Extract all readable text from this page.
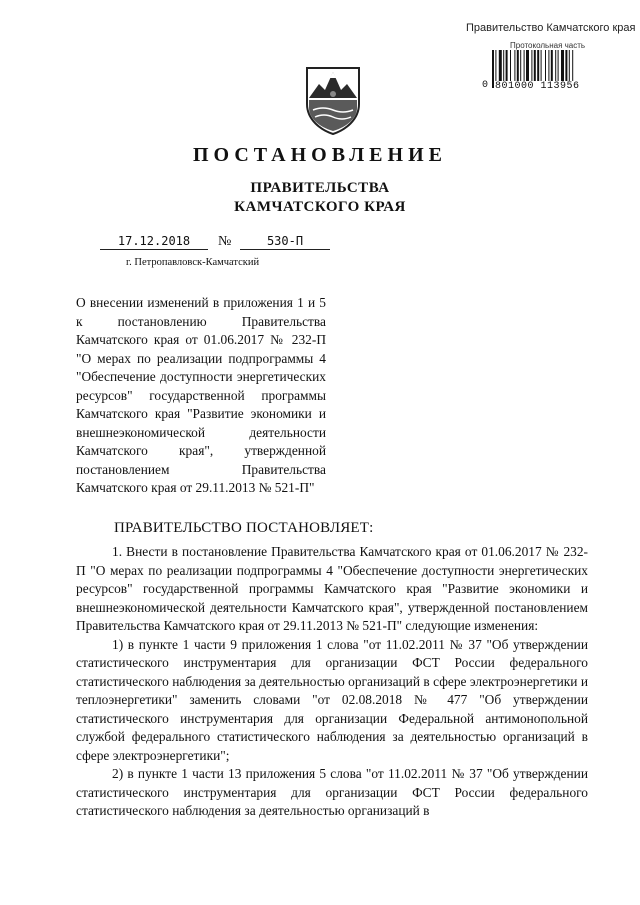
Правительство Камчатского края
Протокольная часть
0 801000 113956
ПОСТАНОВЛЕНИЕ
ПРАВИТЕЛЬСТВА
КАМЧАТСКОГО КРАЯ
17.12.2018	№	530-П
г. Петропавловск-Камчатский
О внесении изменений в приложения 1 и 5 к постановлению Правительства Камчатского края от 01.06.2017 № 232-П "О мерах по реализации подпрограммы 4 "Обеспечение доступности энергетических ресурсов" государственной программы Камчатского края "Развитие экономики и внешнеэкономической деятельности Камчатского края", утвержденной постановлением Правительства Камчатского края от 29.11.2013 № 521-П"
ПРАВИТЕЛЬСТВО ПОСТАНОВЛЯЕТ:

1. Внести в постановление Правительства Камчатского края от 01.06.2017 № 232-П "О мерах по реализации подпрограммы 4 "Обеспечение доступности энергетических ресурсов" государственной программы Камчатского края "Развитие экономики и внешнеэкономической деятельности Камчатского края", утвержденной постановлением Правительства Камчатского края от 29.11.2013 № 521-П" следующие изменения:

1) в пункте 1 части 9 приложения 1 слова "от 11.02.2011 № 37 "Об утверждении статистического инструментария для организации ФСТ России федерального статистического наблюдения за деятельностью организаций в сфере электроэнергетики и теплоэнергетики" заменить словами "от 02.08.2018 № 477 "Об утверждении статистического инструментария для организации Федеральной антимонопольной службой федерального статистического наблюдения за деятельностью организаций в сфере электроэнергетики";

2) в пункте 1 части 13 приложения 5 слова "от 11.02.2011 № 37 "Об утверждении статистического инструментария для организации ФСТ России федерального статистического наблюдения за деятельностью организаций в
